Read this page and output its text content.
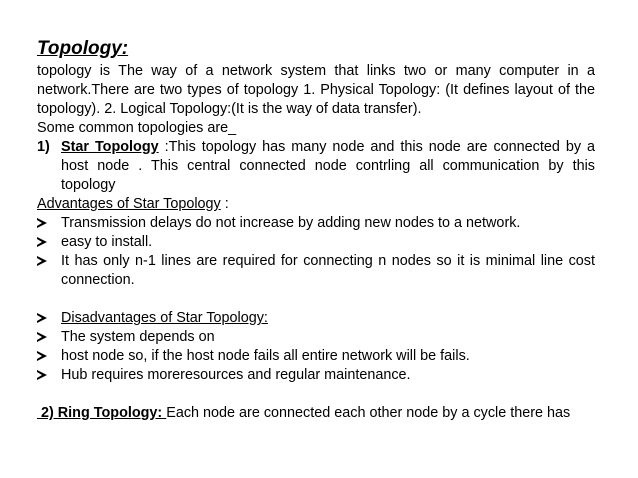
Topology:

topology is The way of a network system that links two or many computer in a network.There are two types of topology 1. Physical Topology: (It defines layout of the topology). 2. Logical Topology:(It is the way of data transfer).

Some common topologies are_

1) Star Topology :This topology has many node and this node are connected by a host node . This central connected node contrling all communication by this topology

Advantages of Star Topology :

Transmission delays do not increase by adding new nodes to a network.
easy to install.
It has only n-1 lines are required for connecting n nodes so it is minimal line cost connection.
Disadvantages of Star Topology:
The system depends on
host node so, if the host node fails all entire network will be fails.
Hub requires moreresources and regular maintenance.

2) Ring Topology: Each node are connected each other node by a cycle there has
